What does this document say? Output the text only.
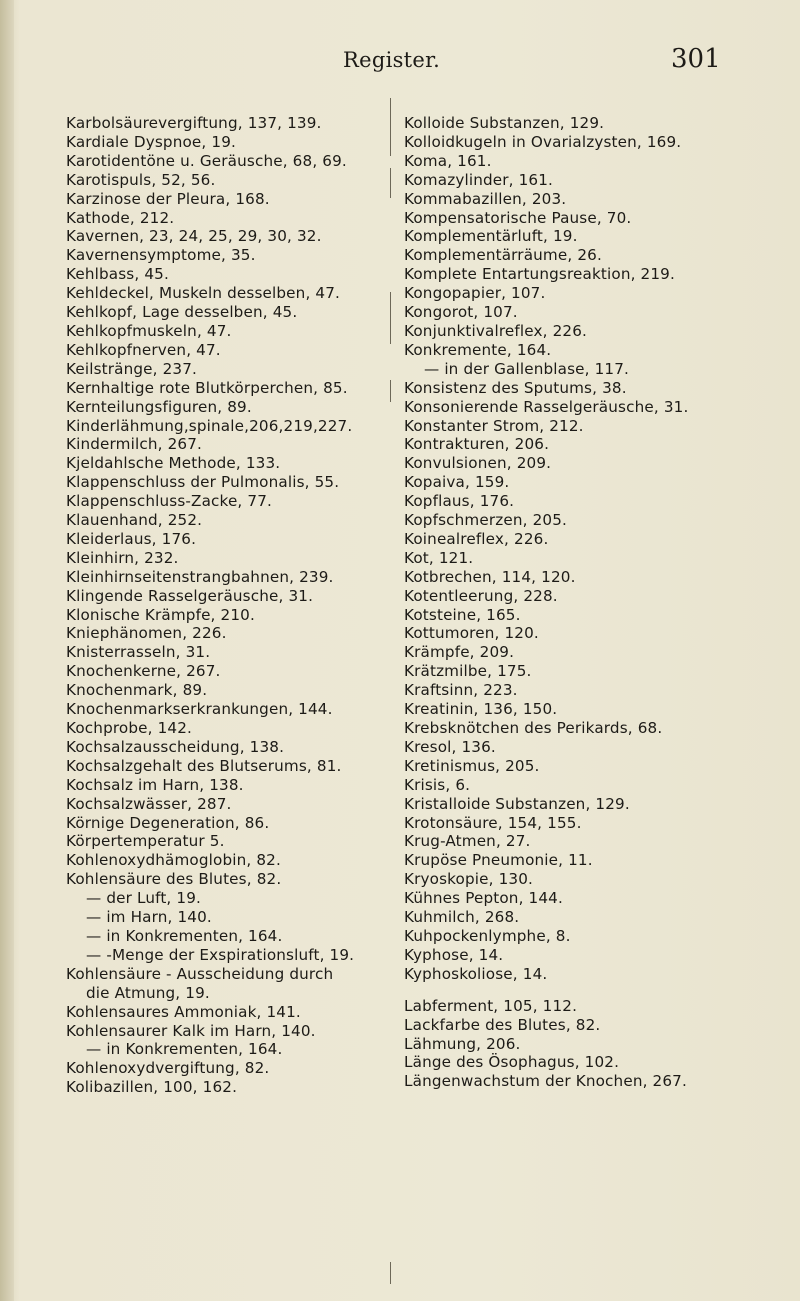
Register.	301
Karbolsäurevergiftung, 137, 139.
Kardiale Dyspnoe, 19.
Karotidentöne u. Geräusche, 68, 69.
Karotispuls, 52, 56.
Karzinose der Pleura, 168.
Kathode, 212.
Kavernen, 23, 24, 25, 29, 30, 32.
Kavernensymptome, 35.
Kehlbass, 45.
Kehldeckel, Muskeln desselben, 47.
Kehlkopf, Lage desselben, 45.
Kehlkopfmuskeln, 47.
Kehlkopfnerven, 47.
Keilstränge, 237.
Kernhaltige rote Blutkörperchen, 85.
Kernteilungsfiguren, 89.
Kinderlähmung,spinale,206,219,227.
Kindermilch, 267.
Kjeldahlsche Methode, 133.
Klappenschluss der Pulmonalis, 55.
Klappenschluss-Zacke, 77.
Klauenhand, 252.
Kleiderlaus, 176.
Kleinhirn, 232.
Kleinhirnseitenstrangbahnen, 239.
Klingende Rasselgeräusche, 31.
Klonische Krämpfe, 210.
Kniephänomen, 226.
Knisterrasseln, 31.
Knochenkerne, 267.
Knochenmark, 89.
Knochenmarkserkrankungen, 144.
Kochprobe, 142.
Kochsalzausscheidung, 138.
Kochsalzgehalt des Blutserums, 81.
Kochsalz im Harn, 138.
Kochsalzwässer, 287.
Körnige Degeneration, 86.
Körpertemperatur 5.
Kohlenoxydhämoglobin, 82.
Kohlensäure des Blutes, 82.
— der Luft, 19.
— im Harn, 140.
— in Konkrementen, 164.
— -Menge der Exspirationsluft, 19.
Kohlensäure - Ausscheidung durch
die Atmung, 19.
Kohlensaures Ammoniak, 141.
Kohlensaurer Kalk im Harn, 140.
— in Konkrementen, 164.
Kohlenoxydvergiftung, 82.
Kolibazillen, 100, 162.
Kolloide Substanzen, 129.
Kolloidkugeln in Ovarialzysten, 169.
Koma, 161.
Komazylinder, 161.
Kommabazillen, 203.
Kompensatorische Pause, 70.
Komplementärluft, 19.
Komplementärräume, 26.
Komplete Entartungsreaktion, 219.
Kongopapier, 107.
Kongorot, 107.
Konjunktivalreflex, 226.
Konkremente, 164.
— in der Gallenblase, 117.
Konsistenz des Sputums, 38.
Konsonierende Rasselgeräusche, 31.
Konstanter Strom, 212.
Kontrakturen, 206.
Konvulsionen, 209.
Kopaiva, 159.
Kopflaus, 176.
Kopfschmerzen, 205.
Koinealreflex, 226.
Kot, 121.
Kotbrechen, 114, 120.
Kotentleerung, 228.
Kotsteine, 165.
Kottumoren, 120.
Krämpfe, 209.
Krätzmilbe, 175.
Kraftsinn, 223.
Kreatinin, 136, 150.
Krebsknötchen des Perikards, 68.
Kresol, 136.
Kretinismus, 205.
Krisis, 6.
Kristalloide Substanzen, 129.
Krotonsäure, 154, 155.
Krug-Atmen, 27.
Krupöse Pneumonie, 11.
Kryoskopie, 130.
Kühnes Pepton, 144.
Kuhmilch, 268.
Kuhpockenlymphe, 8.
Kyphose, 14.
Kyphoskoliose, 14.
Labferment, 105, 112.
Lackfarbe des Blutes, 82.
Lähmung, 206.
Länge des Ösophagus, 102.
Längenwachstum der Knochen, 267.
